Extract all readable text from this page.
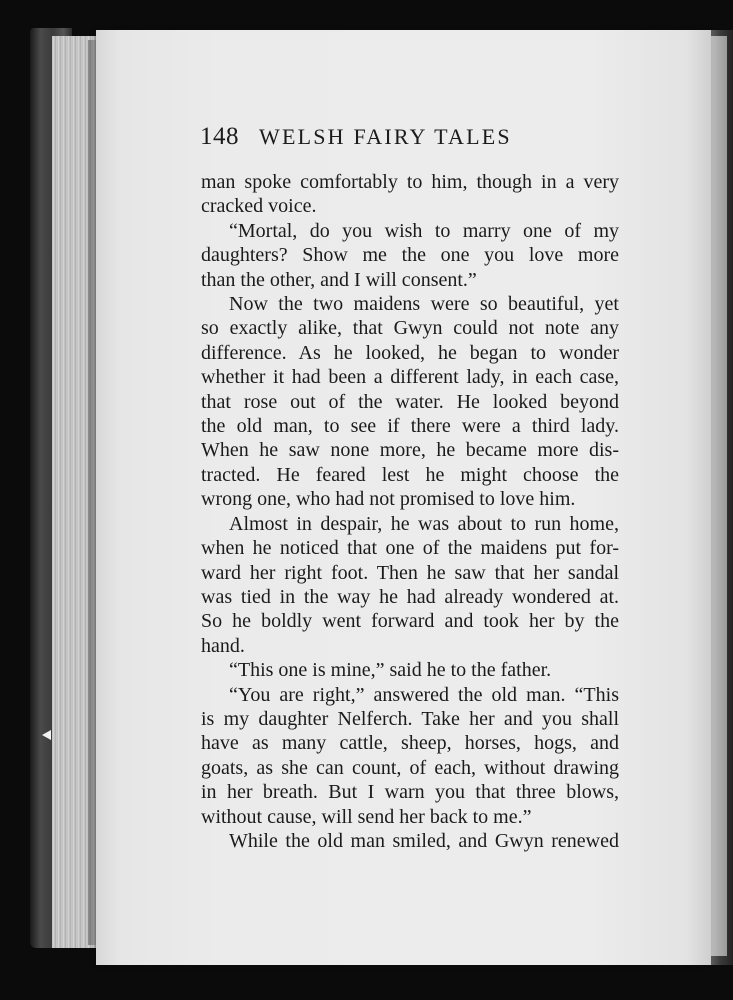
148 WELSH FAIRY TALES
man spoke comfortably to him, though in a very
cracked voice.
“Mortal, do you wish to marry one of my
daughters? Show me the one you love more
than the other, and I will consent.”
Now the two maidens were so beautiful, yet
so exactly alike, that Gwyn could not note any
difference. As he looked, he began to wonder
whether it had been a different lady, in each case,
that rose out of the water. He looked beyond
the old man, to see if there were a third lady.
When he saw none more, he became more dis-
tracted. He feared lest he might choose the
wrong one, who had not promised to love him.
Almost in despair, he was about to run home,
when he noticed that one of the maidens put for-
ward her right foot. Then he saw that her sandal
was tied in the way he had already wondered at.
So he boldly went forward and took her by the
hand.
“This one is mine,” said he to the father.
“You are right,” answered the old man. “This
is my daughter Nelferch. Take her and you shall
have as many cattle, sheep, horses, hogs, and
goats, as she can count, of each, without drawing
in her breath. But I warn you that three blows,
without cause, will send her back to me.”
While the old man smiled, and Gwyn renewed
